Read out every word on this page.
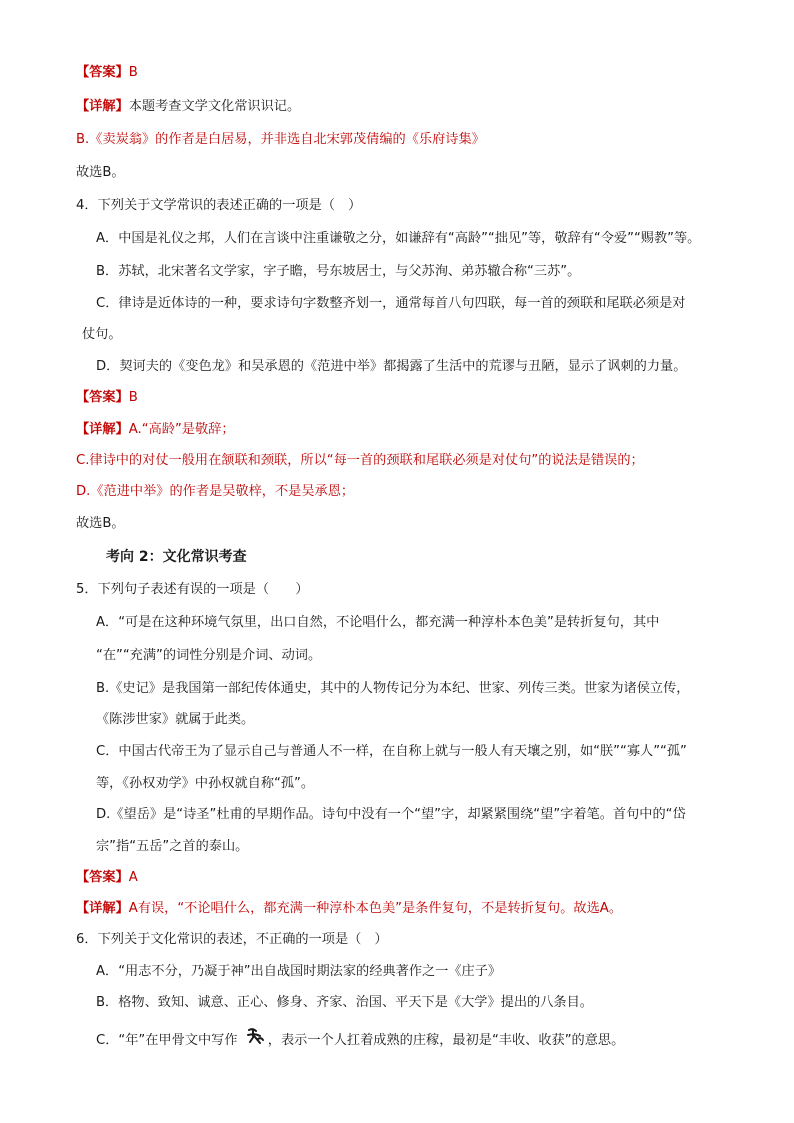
【答案】B
【详解】本题考查文学文化常识识记。
B.《卖炭翁》的作者是白居易，并非选自北宋郭茂倩编的《乐府诗集》
故选B。
4．下列关于文学常识的表述正确的一项是（　）
A．中国是礼仪之邦，人们在言谈中注重谦敬之分，如谦辞有“高龄”“拙见”等，敬辞有“令爱”“赐教”等。
B．苏轼，北宋著名文学家，字子瞻，号东坡居士，与父苏洵、弟苏辙合称“三苏”。
C．律诗是近体诗的一种，要求诗句字数整齐划一，通常每首八句四联，每一首的颈联和尾联必须是对
仗句。
D．契诃夫的《变色龙》和吴承恩的《范进中举》都揭露了生活中的荒谬与丑陋，显示了讽刺的力量。
【答案】B
【详解】A.“高龄”是敬辞；
C.律诗中的对仗一般用在颔联和颈联，所以“每一首的颈联和尾联必须是对仗句”的说法是错误的；
D.《范进中举》的作者是吴敬梓，不是吴承恩；
故选B。
考向 2：文化常识考查
5．下列句子表述有误的一项是（　　）
A．“可是在这种环境气氛里，出口自然，不论唱什么，都充满一种淳朴本色美”是转折复句，其中
“在”“充满”的词性分别是介词、动词。
B.《史记》是我国第一部纪传体通史，其中的人物传记分为本纪、世家、列传三类。世家为诸侯立传，
《陈涉世家》就属于此类。
C．中国古代帝王为了显示自己与普通人不一样，在自称上就与一般人有天壤之别，如“朕”“寡人”“孤”
等，《孙权劝学》中孙权就自称“孤”。
D.《望岳》是“诗圣”杜甫的早期作品。诗句中没有一个“望”字，却紧紧围绕“望”字着笔。首句中的“岱
宗”指“五岳”之首的泰山。
【答案】A
【详解】A有误，“不论唱什么，都充满一种淳朴本色美”是条件复句，不是转折复句。故选A。
6．下列关于文化常识的表述，不正确的一项是（　）
A．“用志不分，乃凝于神”出自战国时期法家的经典著作之一《庄子》
B．格物、致知、诚意、正心、修身、齐家、治国、平天下是《大学》提出的八条目。
C．“年”在甲骨文中写作 ，表示一个人扛着成熟的庄稼，最初是“丰收、收获”的意思。
